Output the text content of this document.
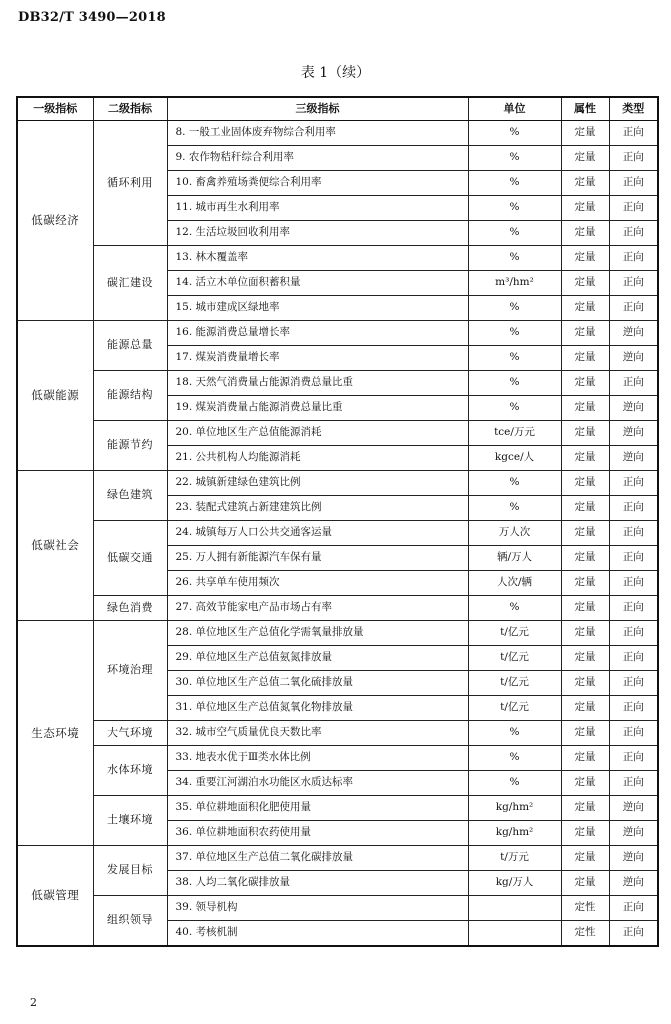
DB32/T 3490—2018
表 1（续）
一级指标	二级指标	三级指标	单位	属性	类型
低碳经济	循环利用	8. 一般工业固体废弃物综合利用率	%	定量	正向
		9. 农作物秸秆综合利用率	%	定量	正向
		10. 畜禽养殖场粪便综合利用率	%	定量	正向
		11. 城市再生水利用率	%	定量	正向
		12. 生活垃圾回收利用率	%	定量	正向
	碳汇建设	13. 林木覆盖率	%	定量	正向
		14. 活立木单位面积蓄积量	m³/hm²	定量	正向
		15. 城市建成区绿地率	%	定量	正向
低碳能源	能源总量	16. 能源消费总量增长率	%	定量	逆向
		17. 煤炭消费量增长率	%	定量	逆向
	能源结构	18. 天然气消费量占能源消费总量比重	%	定量	正向
		19. 煤炭消费量占能源消费总量比重	%	定量	逆向
	能源节约	20. 单位地区生产总值能源消耗	tce/万元	定量	逆向
		21. 公共机构人均能源消耗	kgce/人	定量	逆向
低碳社会	绿色建筑	22. 城镇新建绿色建筑比例	%	定量	正向
		23. 装配式建筑占新建建筑比例	%	定量	正向
	低碳交通	24. 城镇每万人口公共交通客运量	万人次	定量	正向
		25. 万人拥有新能源汽车保有量	辆/万人	定量	正向
		26. 共享单车使用频次	人次/辆	定量	正向
	绿色消费	27. 高效节能家电产品市场占有率	%	定量	正向
生态环境	环境治理	28. 单位地区生产总值化学需氧量排放量	t/亿元	定量	正向
		29. 单位地区生产总值氨氮排放量	t/亿元	定量	正向
		30. 单位地区生产总值二氧化硫排放量	t/亿元	定量	正向
		31. 单位地区生产总值氮氧化物排放量	t/亿元	定量	正向
	大气环境	32. 城市空气质量优良天数比率	%	定量	正向
	水体环境	33. 地表水优于Ⅲ类水体比例	%	定量	正向
		34. 重要江河湖泊水功能区水质达标率	%	定量	正向
	土壤环境	35. 单位耕地面积化肥使用量	kg/hm²	定量	逆向
		36. 单位耕地面积农药使用量	kg/hm²	定量	逆向
低碳管理	发展目标	37. 单位地区生产总值二氧化碳排放量	t/万元	定量	逆向
		38. 人均二氧化碳排放量	kg/万人	定量	逆向
	组织领导	39. 领导机构		定性	正向
		40. 考核机制		定性	正向
2
